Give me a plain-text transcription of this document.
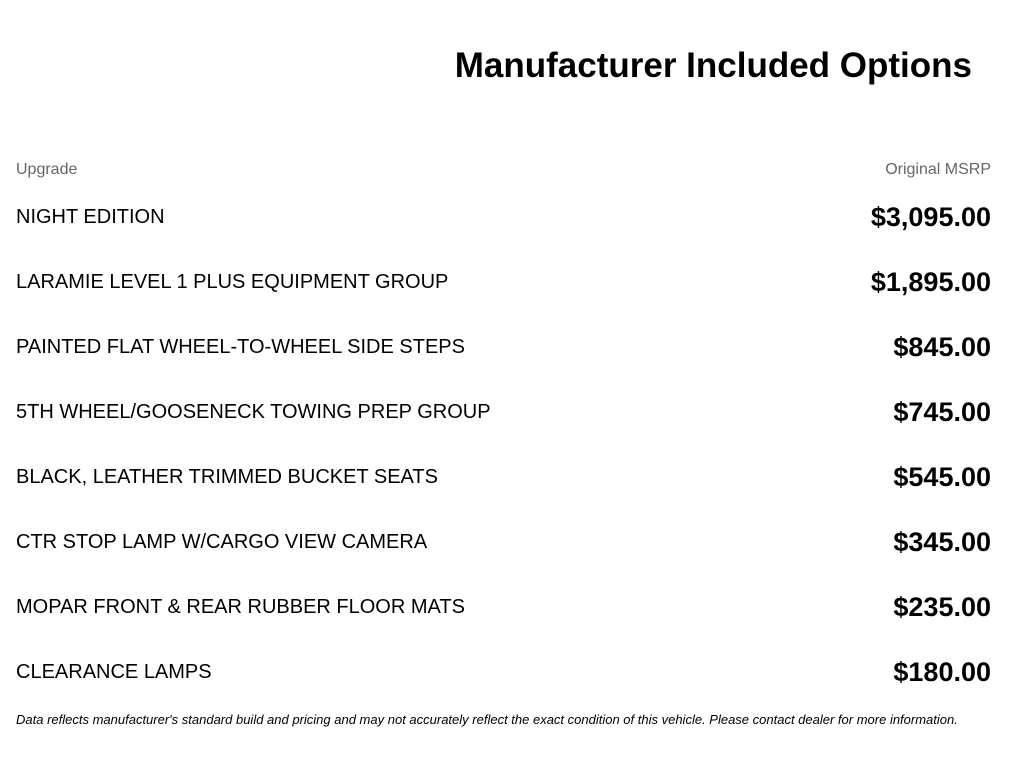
Manufacturer Included Options
Upgrade	Original MSRP
NIGHT EDITION	$3,095.00
LARAMIE LEVEL 1 PLUS EQUIPMENT GROUP	$1,895.00
PAINTED FLAT WHEEL-TO-WHEEL SIDE STEPS	$845.00
5TH WHEEL/GOOSENECK TOWING PREP GROUP	$745.00
BLACK, LEATHER TRIMMED BUCKET SEATS	$545.00
CTR STOP LAMP W/CARGO VIEW CAMERA	$345.00
MOPAR FRONT & REAR RUBBER FLOOR MATS	$235.00
CLEARANCE LAMPS	$180.00
Data reflects manufacturer's standard build and pricing and may not accurately reflect the exact condition of this vehicle. Please contact dealer for more information.
